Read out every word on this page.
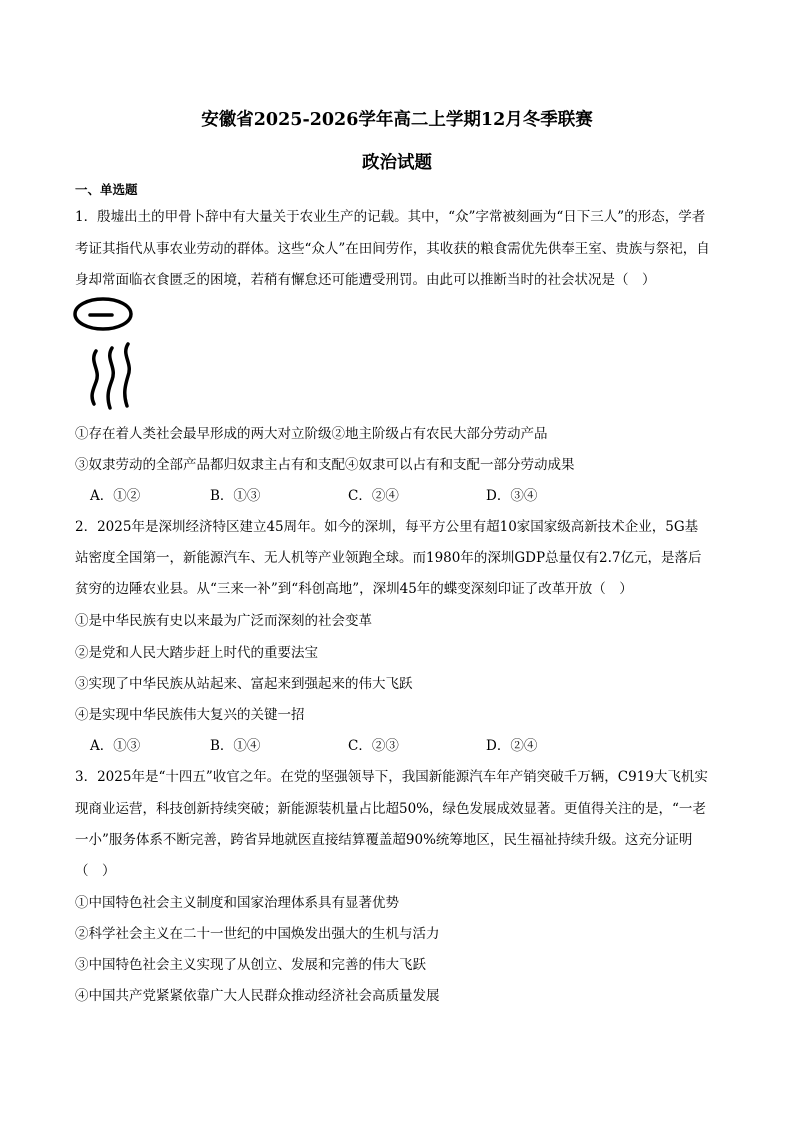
安徽省2025-2026学年高二上学期12月冬季联赛
政治试题
一、单选题
1．殷墟出土的甲骨卜辞中有大量关于农业生产的记载。其中，“众”字常被刻画为“日下三人”的形态，学者
考证其指代从事农业劳动的群体。这些“众人”在田间劳作，其收获的粮食需优先供奉王室、贵族与祭祀，自
身却常面临衣食匮乏的困境，若稍有懈怠还可能遭受刑罚。由此可以推断当时的社会状况是（　）
①存在着人类社会最早形成的两大对立阶级②地主阶级占有农民大部分劳动产品
③奴隶劳动的全部产品都归奴隶主占有和支配④奴隶可以占有和支配一部分劳动成果
A．①②	B．①③	C．②④	D．③④
2．2025年是深圳经济特区建立45周年。如今的深圳，每平方公里有超10家国家级高新技术企业，5G基
站密度全国第一，新能源汽车、无人机等产业领跑全球。而1980年的深圳GDP总量仅有2.7亿元，是落后
贫穷的边陲农业县。从“三来一补”到“科创高地”，深圳45年的蝶变深刻印证了改革开放（　）
①是中华民族有史以来最为广泛而深刻的社会变革
②是党和人民大踏步赶上时代的重要法宝
③实现了中华民族从站起来、富起来到强起来的伟大飞跃
④是实现中华民族伟大复兴的关键一招
A．①③	B．①④	C．②③	D．②④
3．2025年是“十四五”收官之年。在党的坚强领导下，我国新能源汽车年产销突破千万辆，C919大飞机实
现商业运营，科技创新持续突破；新能源装机量占比超50%，绿色发展成效显著。更值得关注的是，“一老
一小”服务体系不断完善，跨省异地就医直接结算覆盖超90%统筹地区，民生福祉持续升级。这充分证明
（　）
①中国特色社会主义制度和国家治理体系具有显著优势
②科学社会主义在二十一世纪的中国焕发出强大的生机与活力
③中国特色社会主义实现了从创立、发展和完善的伟大飞跃
④中国共产党紧紧依靠广大人民群众推动经济社会高质量发展
